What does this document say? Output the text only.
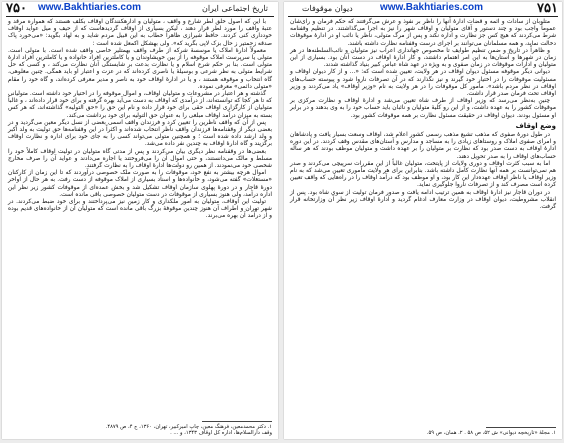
۷۵۰ www.Bakhtiaries.com	تاریخ اجتماعی ایران

با این که اصول خلق لطر شارع و واقف ، متولیان و ادارهکنندگان اوقاف بکلف هستند که همواره مرقد و عتبهٔ واقف را مورد لطر قرار دهند ، لیکن بسیاری از اوقاف گردیدهاست که از حیف و میل عواید اوقاف خودداری کنی کردند. حافظ شیرازی ظاهراً خطاب به این قبیل مردم شاید و به لهاد بگوید: «می‌خورد پاک صدقه زحمتیر ز حال بزک لاپی بگرید که». ولی بهشکل اکمعل شده است :

معمولاً ادارهٔ املاک یا موسسهٔ شرکه از طرف واقف بهمتلیر خاصی واقف شده است. با متولی است. متولی یا سرپرست املاک موقوفه را از بین خویشاوندان و یا کاملترین افراد خانواده و یا کاملترین افراد ادارهٔ متولی است. بنا بر حکم شرع اسلام و یا نظارت بدعت بر شایستگی آنان نظارت می‌کند ، و کسی که حل شرایط متولی به نظر شرعی و بوسیلهٔ یا ناصری کرده‌اند که در عزت و اعتبار او باید همگی. چنین مغلوهی، گاه انتخاب و موقوفه هستند ، و یا در ادارهٔ اوقاف خود به ناصر و مدیر معرفی کرده‌اند، و گاه خود را مقام «متولی دائمی» معرفی نموده.

گذشته و هر اعتبار در مشروعات و متولیان اوقاف، و اموال موقوفه را در اختیار خود داشته است. متولیانی که تا هر کجا که توانسته‌اند، از درآمدی که اوقاف به دست می‌آید بهره گرفته و برای خود قرار داده‌اند ، و غالباً متولیان از کارگزاری اوقاف حقی برای خود قرار داده و نام این حق را «حق التولیه» گذاشته‌اند، که هر کس بسته به میزان درآمد اوقاف مبلغی را به عنوان حق التولیه برای خود برداشت می‌کند.

پس از آن که واقف ناظرین را تعیین کرد و فرزندان واقف اسمی بعضی از نسل دیگر معین می‌گردید و در بعضی دیگر از وقفنامه‌ها فرزندان واقف ناظر انتخاب شده‌اند و اکثراً در این وقفنامه‌ها حق تولیت به ولد اکبر و ولد ارشد داده شده است ؛ و همچنین متولی می‌تواند کسی را به جای خود برای اداره و نظارت اوقاف برگزیند و گاه ادارهٔ اوقاف به چندین نفر داده می‌شد.

بعضی‌ها در وقفنامه نظر دیگری بیان می‌کردند و پس از مدتی گاه متولیان در تولیت اوقاف کاملاً خود را مسلط و مالک می‌دانستند، و حتی اموال آن را می‌فروختند یا اجاره می‌دادند و عواید آن را صرف مخارج شخصی خود می‌نمودند. از همین رو دولت‌ها ادارهٔ اوقاف را به نظارت گرفتند.

اموال هرچه بیشتر به نفع خود، موقوفات را به صورت ملک خصوصی درآوردند که تا این زمان از کارکنان «مستغلات» گفته می‌شود، و خانواده‌ها و اسناد بسیاری از املاک موقوفه از دست رفت. به هر حال از اواخر دورهٔ قاجار و در دورهٔ پهلوی سازمان اوقاف تشکیل شد و بخش عمده‌ای از موقوفات کشور زیر نظر این اداره درآمد، ولی هنوز بسیاری از موقوفات در دست متولیان خصوصی باقی مانده است.

تولیت این اوقاف، متولیان به امور ملکداری و کار زمین نیز می‌پرداختند و برای خود ضبط می‌کردند. در شهر تهران و اطراف آن هنوز چندین موقوفهٔ بزرگ باقی مانده است که متولیان آن از خانواده‌های قدیم بوده و از درآمد آن بهره می‌برند.

۱. دکتر محمدمعین، فرهنگ معین، چاپ امیرکبیر، تهران، ۱۳۶۰، ج ۴، ص ۴۸۷۹.
وقف دارالسلام‌ها، اداره کل اوقاف ۱۳۴۳، و ... .
دیوان موقوفات	www.Bakhtiaries.com	۷۵۱

متلوبان از سادات و ائمه و قضات ادارهٔ آنها را ناظر بر نفوذ و عرش می‌گرفتند که حکم فرمان و رای‌شان عموماً واجب بود و چند دستور و آقای متولیان و اوقاف شهر را نیز به اجرا می‌گذاشتند. در تنظیم وقفنامه شرط می‌کردند که هیچ کس جز نظارت و اداره نکند و پس از مرگ متولی، ناظر یا نائب او در ادارهٔ موقوفات دخالت نماید، و همه مسلمانان می‌توانند بر اجرای درست وقفنامه نظارت داشته باشند.

و ظاهراً در تاریخ و ضمن تنظیم طوایف تا مخصوص جهانداری اعراب نیز متولیان و نائب‌السلطنه‌ها در هر زمان در شهرها و آستان‌ها به این امر اهتمام داشتند، و کار ادارهٔ اوقاف در دست آنان بود. بسیاری از این متولیان و ادارات موقوفات در زمان صفوی و به ویژه در عهد شاه عباس کبیر بنیاد گذاشته شدند.

دیوانی دیگر موقوفه مسئول دیوان اوقاف در هر ولایت، تعیین شده است که: «... و از کار دیوان اوقاف و مسئولیت موقوفات را در اختیار خود گیرند و نیز نگذارند که در آن تصرفات ناروا شود و پیوسته حساب‌های اوقاف در نظر مردم باشد». مأمور کل موقوفات را در هر ولایت به نام «وزیر اوقاف» یاد می‌کردند و وزیر اوقاف تحت فرمان صدر قرار داشت.

چنین به‌نظر می‌رسد که وزیر اوقاف از طرف شاه تعیین می‌شد و ادارهٔ اوقاف و نظارت مرکزی بر موقوفات کشور را به عهده داشت، و از این رو کلیهٔ متولیان و نائبان باید حساب خود را به وی بدهند و در برابر او مسئول بودند. دیوان اوقاف در حقیقت مسئول نظارت بر همه موقوفات کشور بود.

وضع اوقاف

در طول دورهٔ صفوی که مذهب تشیع مذهب رسمی کشور اعلام شد، اوقاف وسعت بسیار یافت و پادشاهان و امرای صفوی املاک و روستاهای زیادی را به مساجد و مدارس و آستان‌های مقدس وقف کردند. در این دوره ادارهٔ اوقاف به دست صدر بود که نظارت بر متولیان را بر عهده داشت و متولیان موظف بودند که هر ساله حساب‌های اوقاف را به صدر تحویل دهند.

اما به سبب کثرت اوقاف و دوری ولایات از پایتخت، متولیان غالباً از این مقررات سرپیچی می‌کردند و صدر هم نمی‌توانست بر همه آنها نظارت کامل داشته باشد. بنابراین برای هر ولایت مأموری تعیین می‌شد که به نام وزیر اوقاف یا ناظر اوقاف عهده‌دار این کار بود، و او موظف بود که درآمد اوقاف را در راه‌هایی که واقف تعیین کرده است مصرف کند و از تصرفات ناروا جلوگیری نماید.

در دوران قاجار نیز ادارهٔ اوقاف به همین ترتیب ادامه یافت و صدور فرمان تولیت از سوی شاه بود. پس از انقلاب مشروطیت، دیوان اوقاف در وزارت معارف ادغام گردید و ادارهٔ اوقاف زیر نظر آن وزارتخانه قرار گرفت.

۱. مجلهٔ «تاریخچه دیوانی» ش ۵۲، ص ۵۸ . ۲. همان، ص ۵۹.
